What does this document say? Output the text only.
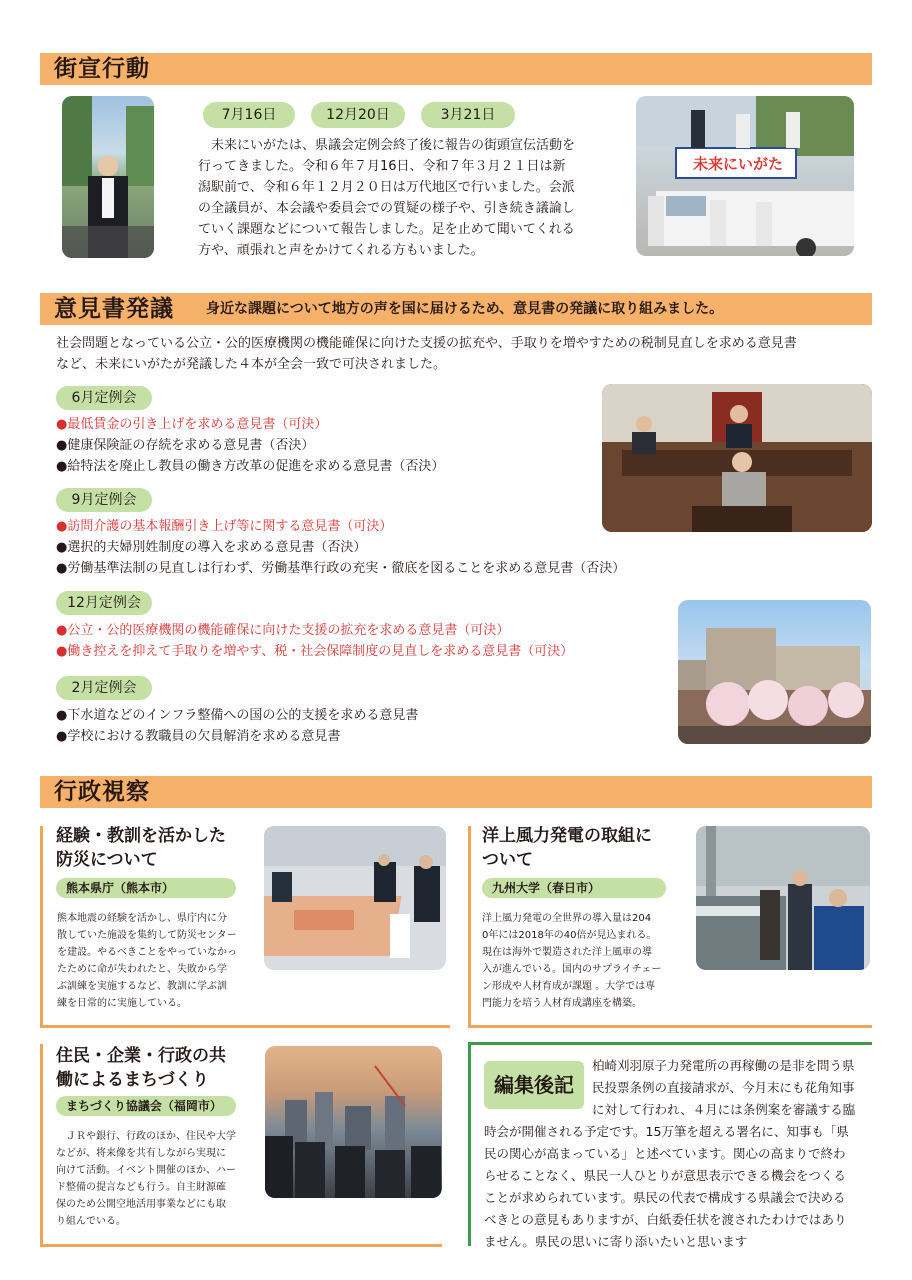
街宣行動
7月16日	12月20日	3月21日
　未来にいがたは、県議会定例会終了後に報告の街頭宣伝活動を
行ってきました。令和６年７月16日、令和７年３月２１日は新
潟駅前で、令和６年１２月２０日は万代地区で行いました。会派
の全議員が、本会議や委員会での質疑の様子や、引き続き議論し
ていく課題などについて報告しました。足を止めて聞いてくれる
方や、頑張れと声をかけてくれる方もいました。
未来にいがた
意見書発議 身近な課題について地方の声を国に届けるため、意見書の発議に取り組みました。
社会問題となっている公立・公的医療機関の機能確保に向けた支援の拡充や、手取りを増やすための税制見直しを求める意見書
など、未来にいがたが発議した４本が全会一致で可決されました。
6月定例会
●最低賃金の引き上げを求める意見書（可決）
●健康保険証の存続を求める意見書（否決）
●給特法を廃止し教員の働き方改革の促進を求める意見書（否決）
9月定例会
●訪問介護の基本報酬引き上げ等に関する意見書（可決）
●選択的夫婦別姓制度の導入を求める意見書（否決）
●労働基準法制の見直しは行わず、労働基準行政の充実・徹底を図ることを求める意見書（否決）
12月定例会
●公立・公的医療機関の機能確保に向けた支援の拡充を求める意見書（可決）
●働き控えを抑えて手取りを増やす、税・社会保障制度の見直しを求める意見書（可決）
2月定例会
●下水道などのインフラ整備への国の公的支援を求める意見書
●学校における教職員の欠員解消を求める意見書
行政視察
経験・教訓を活かした
防災について
熊本県庁（熊本市）
熊本地震の経験を活かし、県庁内に分
散していた施設を集約して防災センター
を建設。やるべきことをやっていなかっ
たために命が失われたと、失敗から学
ぶ訓練を実施するなど、教訓に学ぶ訓
練を日常的に実施している。
洋上風力発電の取組に
ついて
九州大学（春日市）
洋上風力発電の全世界の導入量は204
0年には2018年の40倍が見込まれる。
現在は海外で製造された洋上風車の導
入が進んでいる。国内のサプライチェー
ン形成や人材育成が課題 。大学では専
門能力を培う人材育成講座を構築。
住民・企業・行政の共
働によるまちづくり
まちづくり協議会（福岡市）
　ＪＲや銀行、行政のほか、住民や大学
などが、将来像を共有しながら実現に
向けて活動。イベント開催のほか、ハー
ド整備の提言なども行う。自主財源確
保のため公開空地活用事業などにも取
り組んでいる。
編集後記
柏崎刈羽原子力発電所の再稼働の是非を問う県
民投票条例の直接請求が、今月末にも花角知事
に対して行われ、４月には条例案を審議する臨
時会が開催される予定です。15万筆を超える署名に、知事も「県
民の関心が高まっている」と述べています。関心の高まりで終わ
らせることなく、県民一人ひとりが意思表示できる機会をつくる
ことが求められています。県民の代表で構成する県議会で決める
べきとの意見もありますが、白紙委任状を渡されたわけではあり
ません。県民の思いに寄り添いたいと思います
